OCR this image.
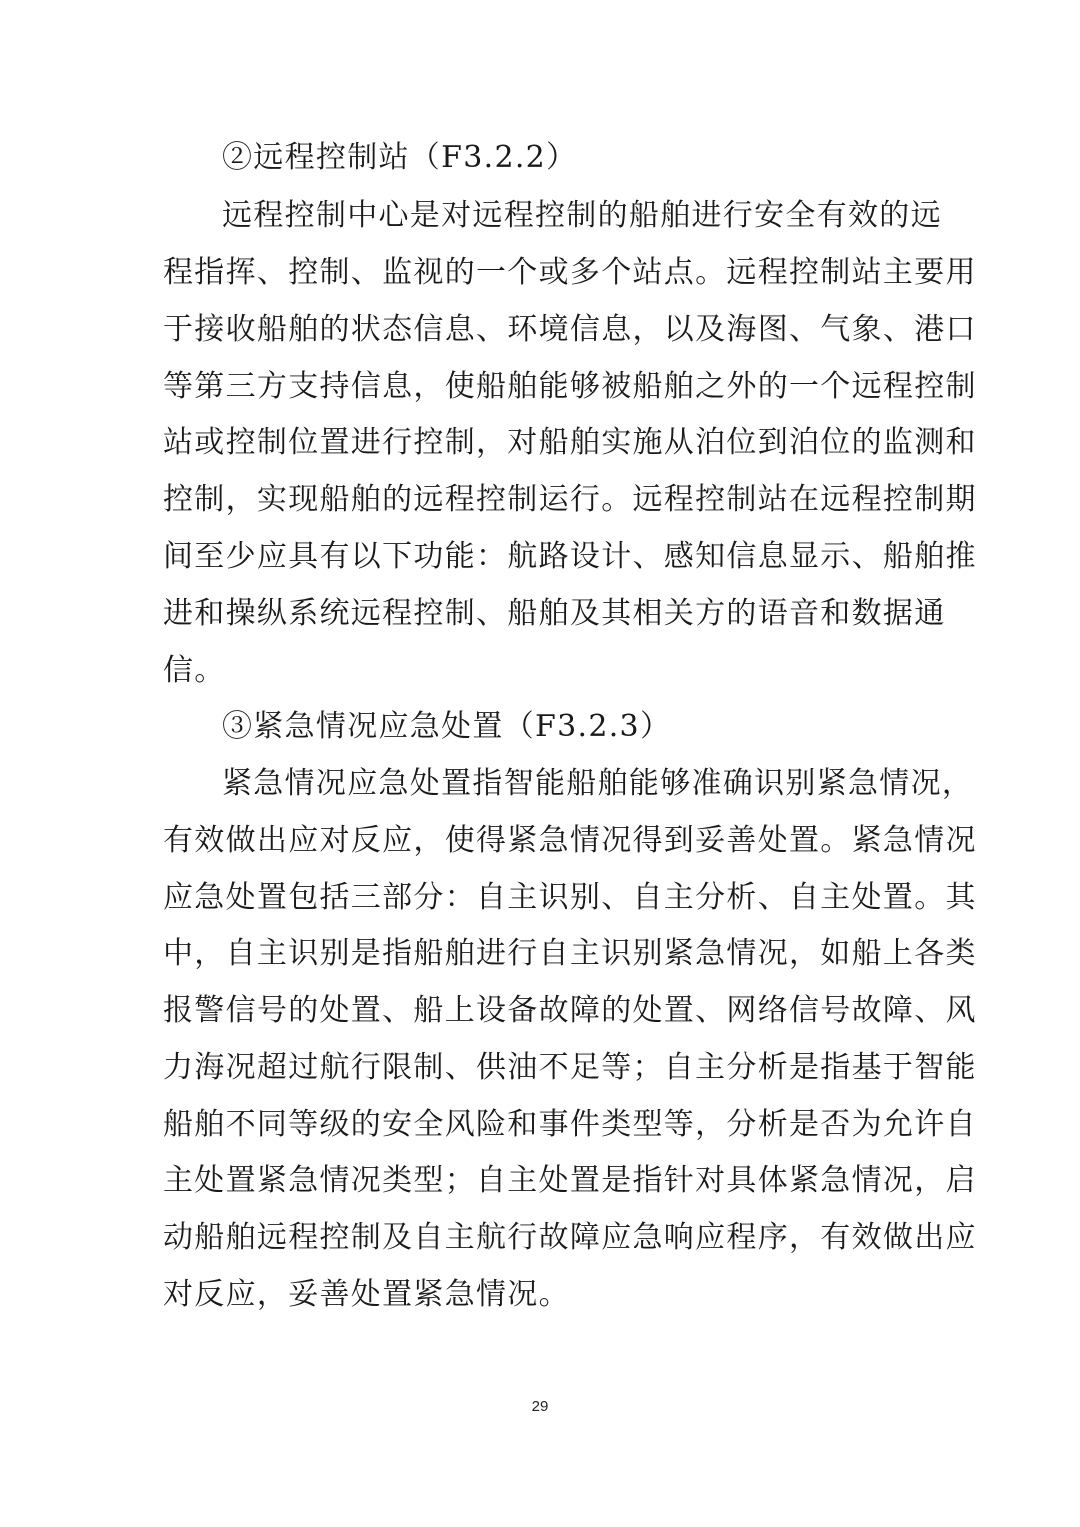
②远程控制站（F3.2.2）
远程控制中心是对远程控制的船舶进行安全有效的远
程指挥、控制、监视的一个或多个站点。远程控制站主要用
于接收船舶的状态信息、环境信息，以及海图、气象、港口
等第三方支持信息，使船舶能够被船舶之外的一个远程控制
站或控制位置进行控制，对船舶实施从泊位到泊位的监测和
控制，实现船舶的远程控制运行。远程控制站在远程控制期
间至少应具有以下功能：航路设计、感知信息显示、船舶推
进和操纵系统远程控制、船舶及其相关方的语音和数据通
信。
③紧急情况应急处置（F3.2.3）
紧急情况应急处置指智能船舶能够准确识别紧急情况，
有效做出应对反应，使得紧急情况得到妥善处置。紧急情况
应急处置包括三部分：自主识别、自主分析、自主处置。其
中，自主识别是指船舶进行自主识别紧急情况，如船上各类
报警信号的处置、船上设备故障的处置、网络信号故障、风
力海况超过航行限制、供油不足等；自主分析是指基于智能
船舶不同等级的安全风险和事件类型等，分析是否为允许自
主处置紧急情况类型；自主处置是指针对具体紧急情况，启
动船舶远程控制及自主航行故障应急响应程序，有效做出应
对反应，妥善处置紧急情况。
29
